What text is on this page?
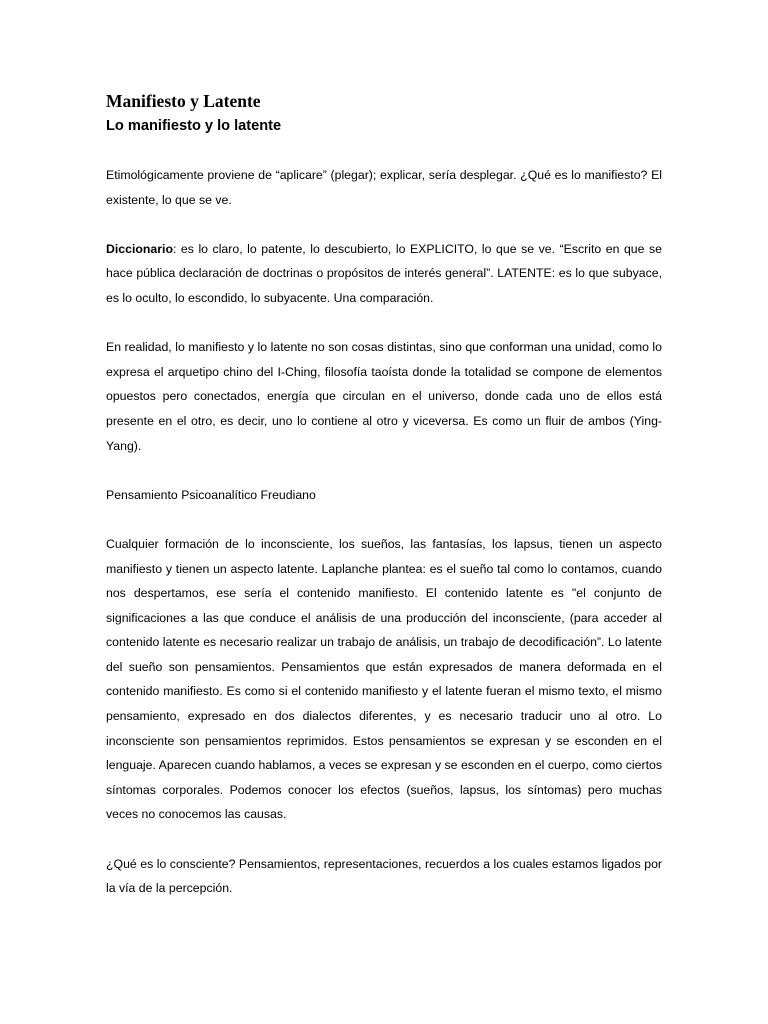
Manifiesto y Latente
Lo manifiesto y lo latente

Etimológicamente proviene de “aplicare” (plegar); explicar, sería desplegar. ¿Qué es lo manifiesto? El existente, lo que se ve.

Diccionario: es lo claro, lo patente, lo descubierto, lo EXPLICITO, lo que se ve. “Escrito en que se hace pública declaración de doctrinas o propósitos de interés general”. LATENTE: es lo que subyace, es lo oculto, lo escondido, lo subyacente. Una comparación.

En realidad, lo manifiesto y lo latente no son cosas distintas, sino que conforman una unidad, como lo expresa el arquetipo chino del I-Ching, filosofía taoísta donde la totalidad se compone de elementos opuestos pero conectados, energía que circulan en el universo, donde cada uno de ellos está presente en el otro, es decir, uno lo contiene al otro y viceversa. Es como un fluir de ambos (Ying-Yang).

Pensamiento Psicoanalítico Freudiano

Cualquier formación de lo inconsciente, los sueños, las fantasías, los lapsus, tienen un aspecto manifiesto y tienen un aspecto latente. Laplanche plantea: es el sueño tal como lo contamos, cuando nos despertamos, ese sería el contenido manifiesto. El contenido latente es "el conjunto de significaciones a las que conduce el análisis de una producción del inconsciente, (para acceder al contenido latente es necesario realizar un trabajo de análisis, un trabajo de decodificación”. Lo latente del sueño son pensamientos. Pensamientos que están expresados de manera deformada en el contenido manifiesto. Es como si el contenido manifiesto y el latente fueran el mismo texto, el mismo pensamiento, expresado en dos dialectos diferentes, y es necesario traducir uno al otro. Lo inconsciente son pensamientos reprimidos. Estos pensamientos se expresan y se esconden en el lenguaje. Aparecen cuando hablamos, a veces se expresan y se esconden en el cuerpo, como ciertos síntomas corporales. Podemos conocer los efectos (sueños, lapsus, los síntomas) pero muchas veces no conocemos las causas.

¿Qué es lo consciente? Pensamientos, representaciones, recuerdos a los cuales estamos ligados por la vía de la percepción.
